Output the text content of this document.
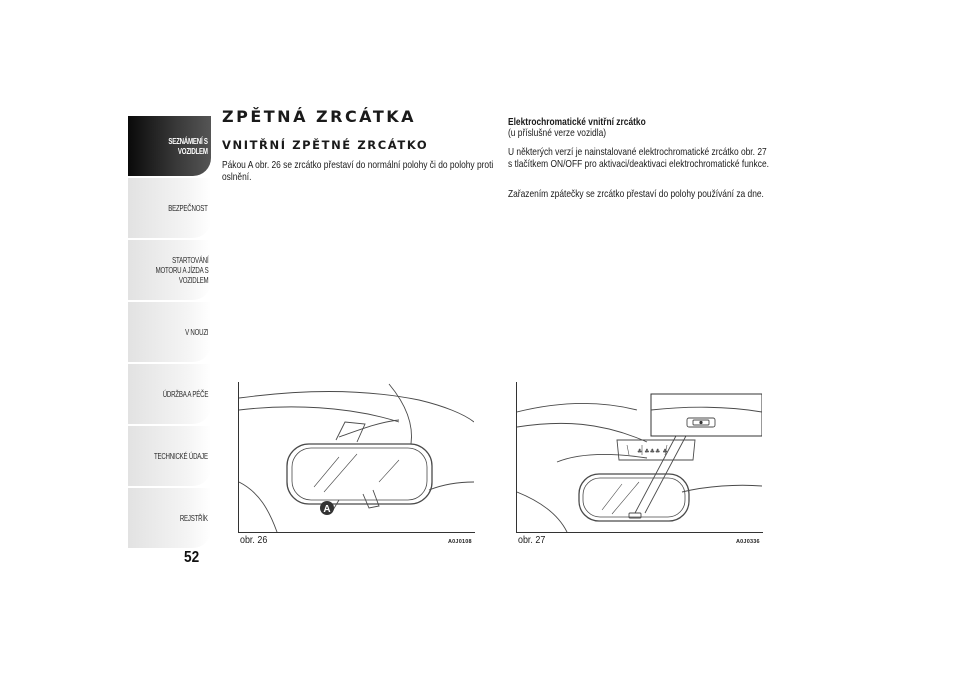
SEZNÁMENÍ S
VOZIDLEM
BEZPEČNOST
STARTOVÁNÍ
MOTORU A JÍZDA S
VOZIDLEM
V NOUZI
ÚDRŽBA A PÉČE
TECHNICKÉ ÚDAJE
REJSTŘÍK
52
ZPĚTNÁ ZRCÁTKA
VNITŘNÍ ZPĚTNÉ ZRCÁTKO
Pákou A obr. 26 se zrcátko přestaví do normální polohy či do polohy proti oslnění.
Elektrochromatické vnitřní zrcátko
(u příslušné verze vozidla)
U některých verzí je nainstalované elektrochromatické zrcátko obr. 27 s tlačítkem ON/OFF pro aktivaci/deaktivaci elektrochromatické funkce.
Zařazením zpátečky se zrcátko přestaví do polohy používání za dne.
A
obr. 26	A0J0108
♣ ♣♣♣ ♣
obr. 27	A0J0336
